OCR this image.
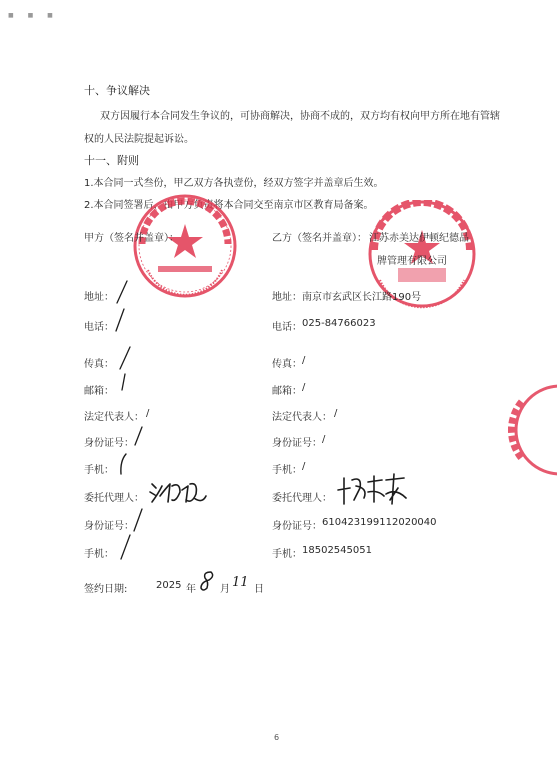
■ ■ ■
十、争议解决
双方因履行本合同发生争议的，可协商解决，协商不成的，双方均有权向甲方所在地有管辖
权的人民法院提起诉讼。
十一、附则
1.本合同一式叁份，甲乙双方各执壹份，经双方签字并盖章后生效。
2.本合同签署后，由甲方负责将本合同交至南京市区教育局备案。
甲方（签名并盖章）：	乙方（签名并盖章）： 江苏赤美达伊顿纪德品
牌管理有限公司
地址：	地址： 南京市玄武区长江路190号
电话：	电话： 025-84766023
传真：	传真： /
邮箱：	邮箱： /
法定代表人： /	法定代表人： /
身份证号：	身份证号： /
手机：	手机： /
委托代理人：	委托代理人：
身份证号：	身份证号： 610423199112020040
手机：	手机： 18502545051
签约日期:	2025 年 月 11 日
6
